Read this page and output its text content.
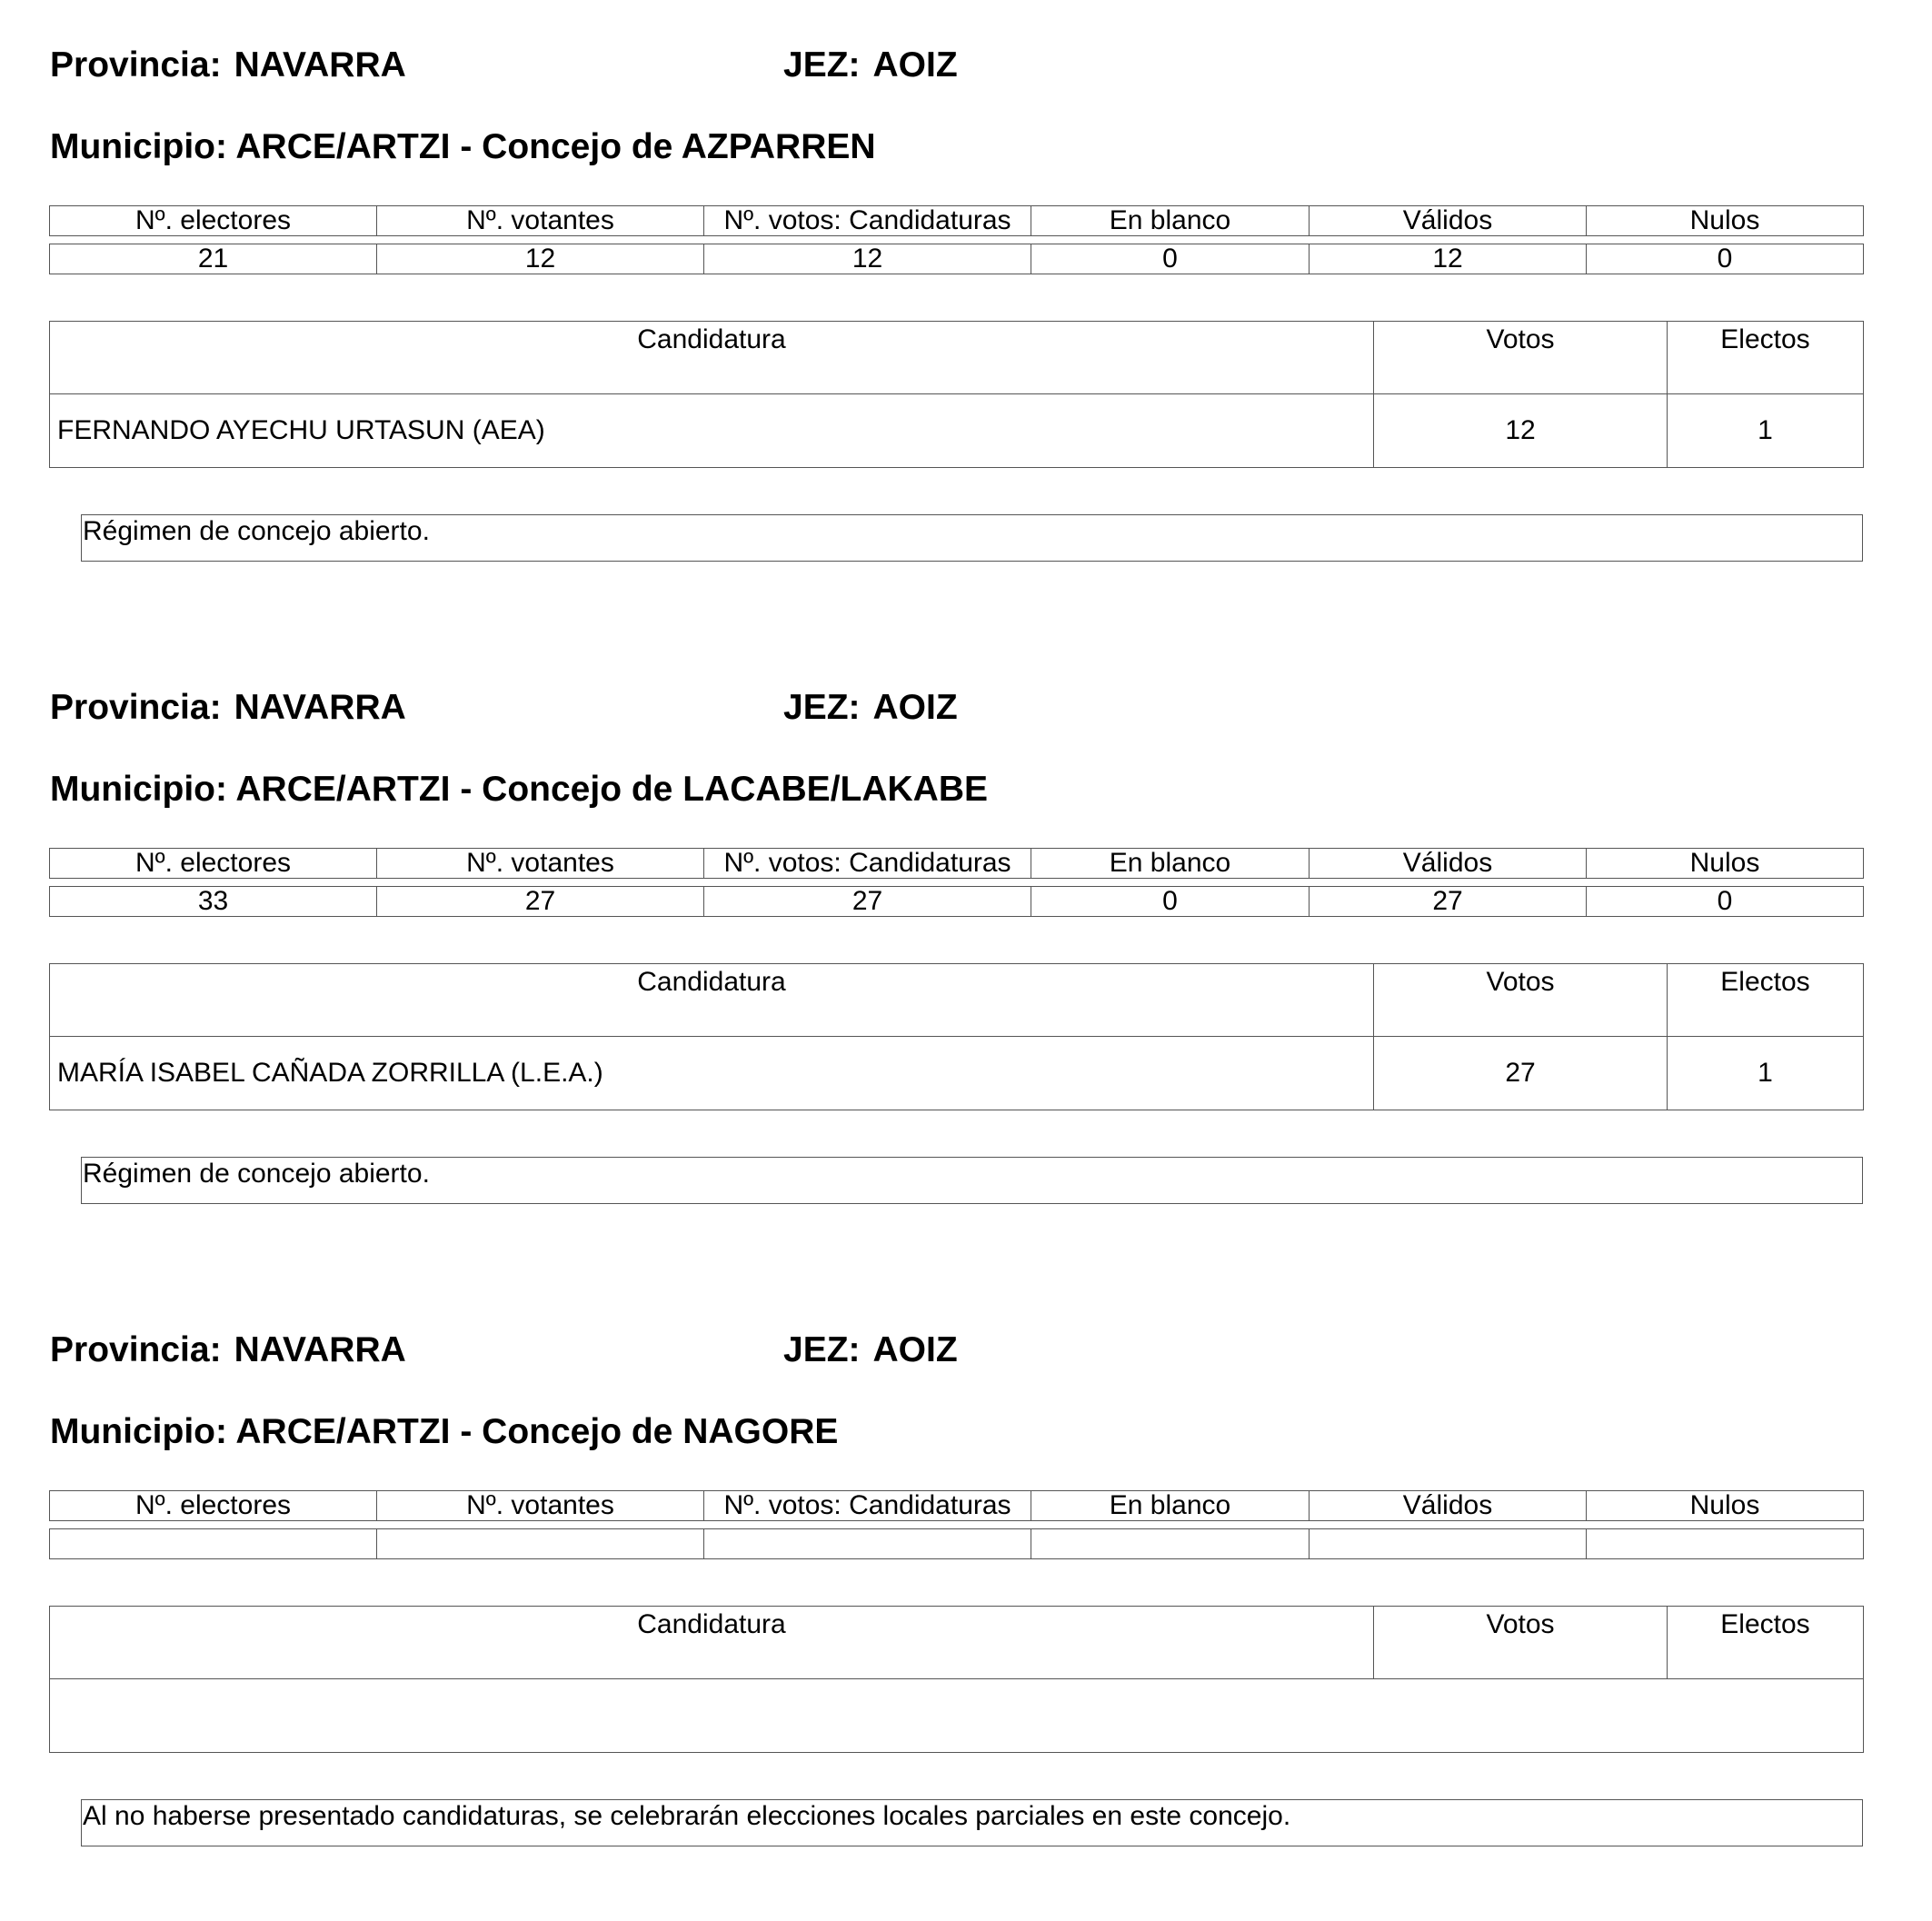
Provincia: NAVARRA	JEZ: AOIZ
Municipio: ARCE/ARTZI - Concejo de AZPARREN
Nº. electores	Nº. votantes	Nº. votos: Candidaturas	En blanco	Válidos	Nulos
21	12	12	0	12	0
Candidatura	Votos	Electos
FERNANDO AYECHU URTASUN (AEA)	12	1
Régimen de concejo abierto.
Provincia: NAVARRA	JEZ: AOIZ
Municipio: ARCE/ARTZI - Concejo de LACABE/LAKABE
Nº. electores	Nº. votantes	Nº. votos: Candidaturas	En blanco	Válidos	Nulos
33	27	27	0	27	0
Candidatura	Votos	Electos
MARÍA ISABEL CAÑADA ZORRILLA (L.E.A.)	27	1
Régimen de concejo abierto.
Provincia: NAVARRA	JEZ: AOIZ
Municipio: ARCE/ARTZI - Concejo de NAGORE
Nº. electores	Nº. votantes	Nº. votos: Candidaturas	En blanco	Válidos	Nulos

Candidatura	Votos	Electos

Al no haberse presentado candidaturas, se celebrarán elecciones locales parciales en este concejo.
